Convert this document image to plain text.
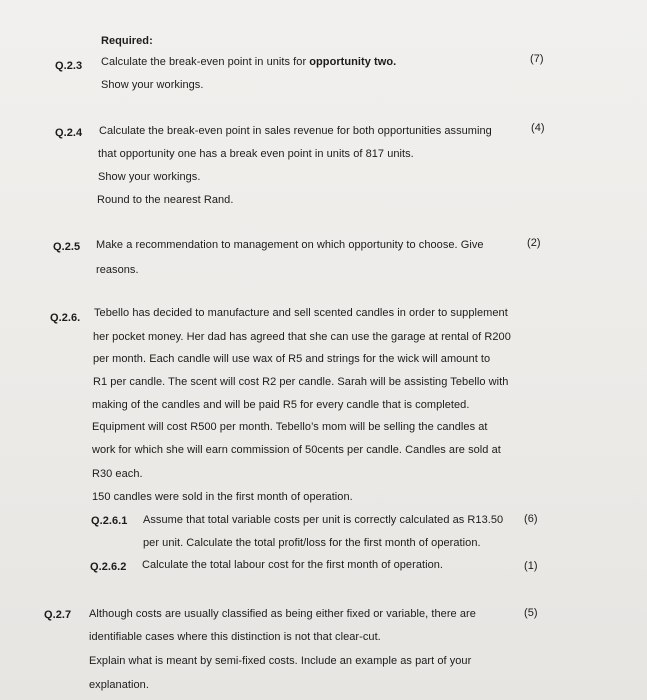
Required:
Q.2.3 Calculate the break-even point in units for opportunity two.
Show your workings.
(7)
Q.2.4 Calculate the break-even point in sales revenue for both opportunities assuming
that opportunity one has a break even point in units of 817 units.
Show your workings.
Round to the nearest Rand.
(4)
Q.2.5 Make a recommendation to management on which opportunity to choose. Give
reasons.
(2)
Q.2.6. Tebello has decided to manufacture and sell scented candles in order to supplement
her pocket money. Her dad has agreed that she can use the garage at rental of R200
per month. Each candle will use wax of R5 and strings for the wick will amount to
R1 per candle. The scent will cost R2 per candle. Sarah will be assisting Tebello with
making of the candles and will be paid R5 for every candle that is completed.
Equipment will cost R500 per month. Tebello’s mom will be selling the candles at
work for which she will earn commission of 50cents per candle. Candles are sold at
R30 each.
150 candles were sold in the first month of operation.
Q.2.6.1 Assume that total variable costs per unit is correctly calculated as R13.50
per unit. Calculate the total profit/loss for the first month of operation.
(6)
Q.2.6.2 Calculate the total labour cost for the first month of operation.	(1)
Q.2.7 Although costs are usually classified as being either fixed or variable, there are
identifiable cases where this distinction is not that clear-cut.
Explain what is meant by semi-fixed costs. Include an example as part of your
explanation.
(5)
